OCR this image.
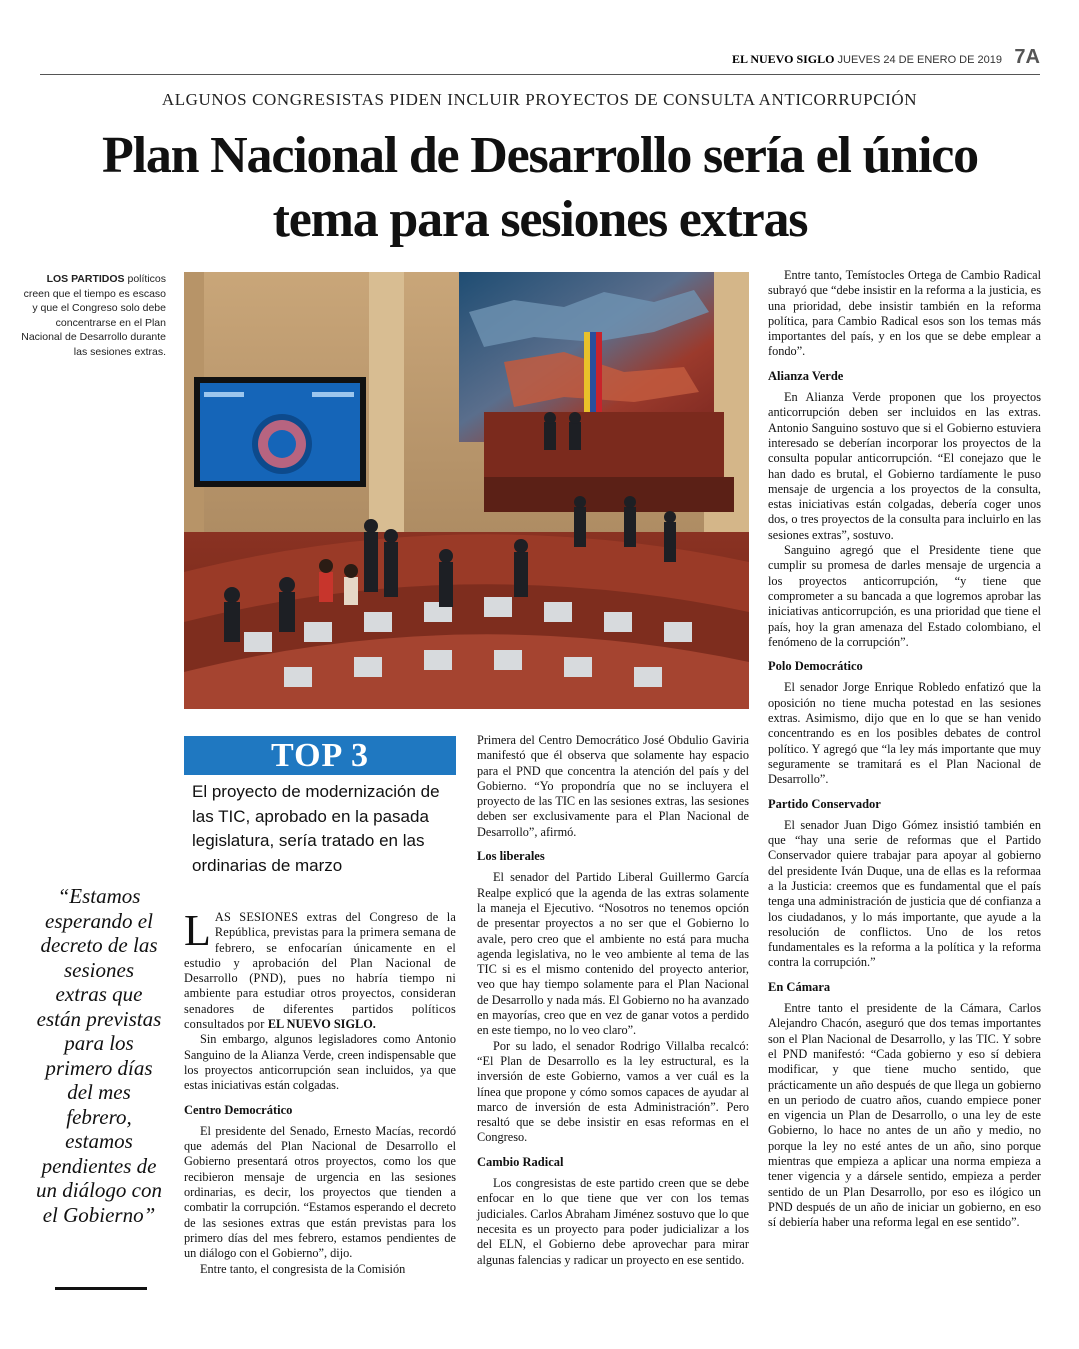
EL NUEVO SIGLO JUEVES 24 DE ENERO DE 2019 7A
ALGUNOS CONGRESISTAS PIDEN INCLUIR PROYECTOS DE CONSULTA ANTICORRUPCIÓN
Plan Nacional de Desarrollo sería el único
tema para sesiones extras
LOS PARTIDOS políticos creen que el tiempo es escaso y que el Congreso solo debe concentrarse en el Plan Nacional de Desarrollo durante las sesiones extras.
TOP 3
El proyecto de modernización de las TIC, aprobado en la pasada legislatura, sería tratado en las ordinarias de marzo
“Estamos esperando el decreto de las sesiones extras que están previstas para los primero días del mes febrero, estamos pendientes de un diálogo con el Gobierno”

LAS SESIONES extras del Congreso de la República, previstas para la primera semana de febrero, se enfocarían únicamente en el estudio y aprobación del Plan Nacional de Desarrollo (PND), pues no habría tiempo ni ambiente para estudiar otros proyectos, consideran senadores de diferentes partidos políticos consultados por EL NUEVO SIGLO.

Sin embargo, algunos legisladores como Antonio Sanguino de la Alianza Verde, creen indispensable que los proyectos anticorrupción sean incluidos, ya que estas iniciativas están colgadas.

Centro Democrático

El presidente del Senado, Ernesto Macías, recordó que además del Plan Nacional de Desarrollo el Gobierno presentará otros proyectos, como los que recibieron mensaje de urgencia en las sesiones ordinarias, es decir, los proyectos que tienden a combatir la corrupción. “Estamos esperando el decreto de las sesiones extras que están previstas para los primero días del mes febrero, estamos pendientes de un diálogo con el Gobierno”, dijo.

Entre tanto, el congresista de la Comisión

Primera del Centro Democrático José Obdulio Gaviria manifestó que él observa que solamente hay espacio para el PND que concentra la atención del país y del Gobierno. “Yo propondría que no se incluyera el proyecto de las TIC en las sesiones extras, las sesiones deben ser exclusivamente para el Plan Nacional de Desarrollo”, afirmó.

Los liberales

El senador del Partido Liberal Guillermo García Realpe explicó que la agenda de las extras solamente la maneja el Ejecutivo. “Nosotros no tenemos opción de presentar proyectos a no ser que el Gobierno lo avale, pero creo que el ambiente no está para mucha agenda legislativa, no le veo ambiente al tema de las TIC si es el mismo contenido del proyecto anterior, veo que hay tiempo solamente para el Plan Nacional de Desarrollo y nada más. El Gobierno no ha avanzado en mayorías, creo que en vez de ganar votos a perdido en este tiempo, no lo veo claro”.

Por su lado, el senador Rodrigo Villalba recalcó: “El Plan de Desarrollo es la ley estructural, es la inversión de este Gobierno, vamos a ver cuál es la línea que propone y cómo somos capaces de ayudar al marco de inversión de esta Administración”. Pero resaltó que se debe insistir en esas reformas en el Congreso.

Cambio Radical

Los congresistas de este partido creen que se debe enfocar en lo que tiene que ver con los temas judiciales. Carlos Abraham Jiménez sostuvo que lo que necesita es un proyecto para poder judicializar a los del ELN, el Gobierno debe aprovechar para mirar algunas falencias y radicar un proyecto en ese sentido.

Entre tanto, Temístocles Ortega de Cambio Radical subrayó que “debe insistir en la reforma a la justicia, es una prioridad, debe insistir también en la reforma política, para Cambio Radical esos son los temas más importantes del país, y en los que se debe emplear a fondo”.

Alianza Verde

En Alianza Verde proponen que los proyectos anticorrupción deben ser incluidos en las extras. Antonio Sanguino sostuvo que si el Gobierno estuviera interesado se deberían incorporar los proyectos de la consulta popular anticorrupción. “El conejazo que le han dado es brutal, el Gobierno tardíamente le puso mensaje de urgencia a los proyectos de la consulta, estas iniciativas están colgadas, debería coger unos dos, o tres proyectos de la consulta para incluirlo en las sesiones extras”, sostuvo.

Sanguino agregó que el Presidente tiene que cumplir su promesa de darles mensaje de urgencia a los proyectos anticorrupción, “y tiene que comprometer a su bancada a que logremos aprobar las iniciativas anticorrupción, es una prioridad que tiene el país, hoy la gran amenaza del Estado colombiano, el fenómeno de la corrupción”.

Polo Democrático

El senador Jorge Enrique Robledo enfatizó que la oposición no tiene mucha potestad en las sesiones extras. Asimismo, dijo que en lo que se han venido concentrando es en los posibles debates de control político. Y agregó que “la ley más importante que muy seguramente se tramitará es el Plan Nacional de Desarrollo”.

Partido Conservador

El senador Juan Digo Gómez insistió también en que “hay una serie de reformas que el Partido Conservador quiere trabajar para apoyar al gobierno del presidente Iván Duque, una de ellas es la reformaa a la Justicia: creemos que es fundamental que el país tenga una administración de justicia que dé confianza a los ciudadanos, y lo más importante, que ayude a la resolución de conflictos. Uno de los retos fundamentales es la reforma a la política y la reforma contra la corrupción.”

En Cámara

Entre tanto el presidente de la Cámara, Carlos Alejandro Chacón, aseguró que dos temas importantes son el Plan Nacional de Desarrollo, y las TIC. Y sobre el PND manifestó: “Cada gobierno y eso sí debiera modificar, y que tiene mucho sentido, que prácticamente un año después de que llega un gobierno en un periodo de cuatro años, cuando empiece poner en vigencia un Plan de Desarrollo, o una ley de este Gobierno, lo hace no antes de un año y medio, no porque la ley no esté antes de un año, sino porque mientras que empieza a aplicar una norma empieza a tener vigencia y a dársele sentido, empieza a perder sentido de un Plan Desarrollo, por eso es ilógico un PND después de un año de iniciar un gobierno, en eso sí debiería haber una reforma legal en ese sentido”.
